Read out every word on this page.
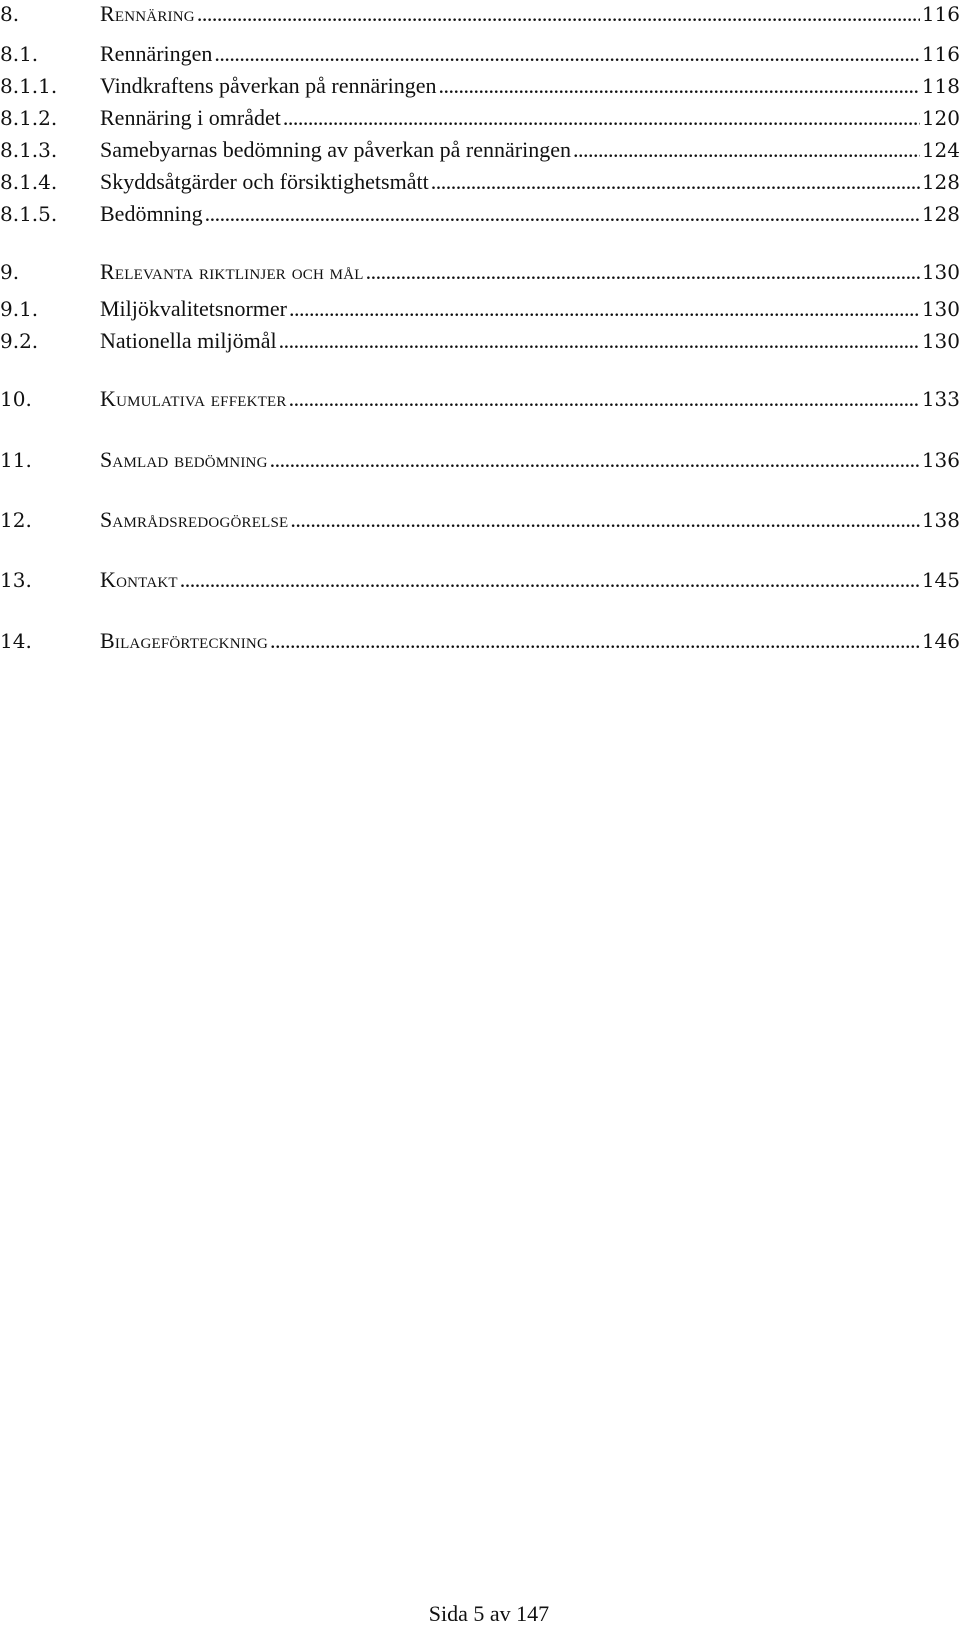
8.	Rennäring . . .	116
8.1.	Rennäringen . . .	116
8.1.1. Vindkraftens påverkan på rennäringen . . .	118
8.1.2. Rennäring i området . . .	120
8.1.3. Samebyarnas bedömning av påverkan på rennäringen . . .	124
8.1.4. Skyddsåtgärder och försiktighetsmått . . .	128
8.1.5. Bedömning . . .	128
9.	Relevanta riktlinjer och mål . . .	130
9.1.	Miljökvalitetsnormer . . .	130
9.2.	Nationella miljömål . . .	130
10.	Kumulativa effekter . . .	133
11.	Samlad bedömning . . .	136
12.	Samrådsredogörelse . . .	138
13.	Kontakt . . .	145
14.	Bilageförteckning . . .	146
Sida 5 av 147
